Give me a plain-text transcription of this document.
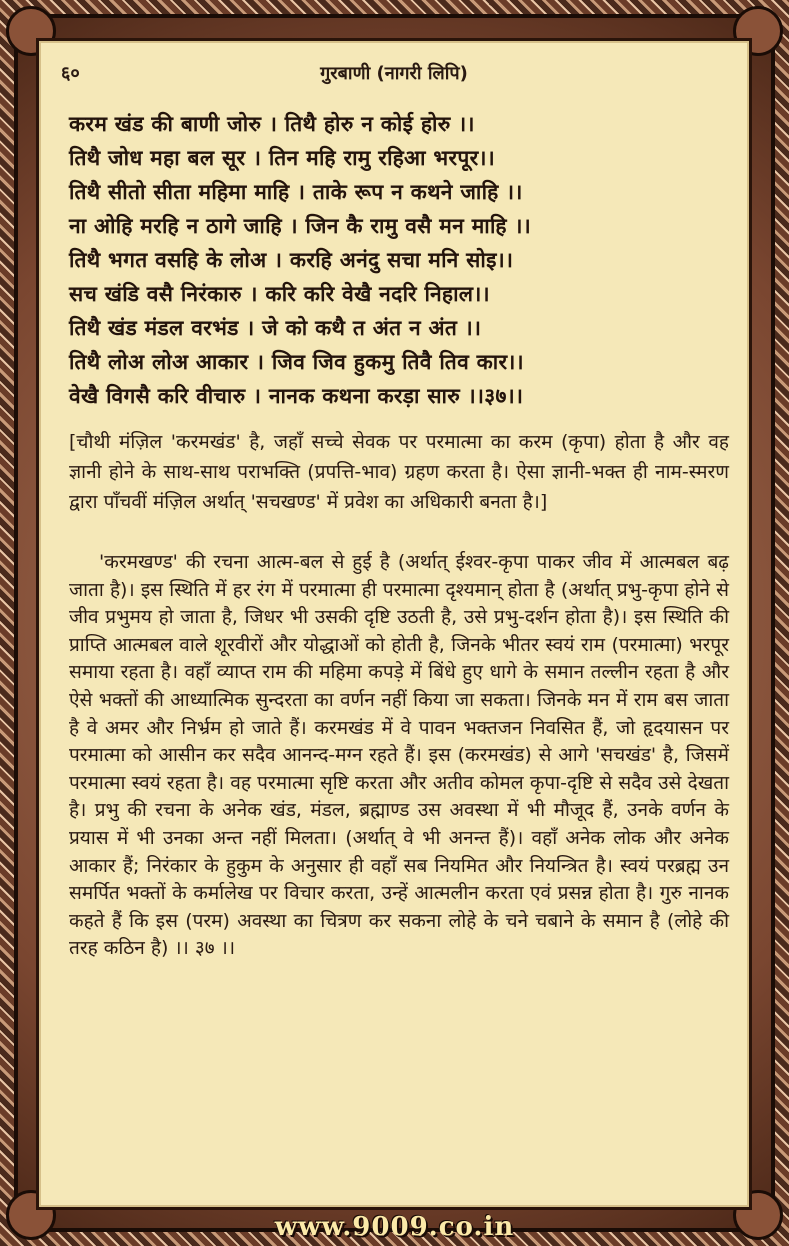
६०	गुरबाणी (नागरी लिपि)
करम खंड की बाणी जोरु । तिथै होरु न कोई होरु ।।
तिथै जोध महा बल सूर । तिन महि रामु रहिआ भरपूर।।
तिथै सीतो सीता महिमा माहि । ताके रूप न कथने जाहि ।।
ना ओहि मरहि न ठागे जाहि । जिन कै रामु वसै मन माहि ।।
तिथै भगत वसहि के लोअ । करहि अनंदु सचा मनि सोइ।।
सच खंडि वसै निरंकारु । करि करि वेखै नदरि निहाल।।
तिथै खंड मंडल वरभंड । जे को कथै त अंत न अंत ।।
तिथै लोअ लोअ आकार । जिव जिव हुकमु तिवै तिव कार।।
वेखै विगसै करि वीचारु । नानक कथना करड़ा सारु ।।३७।।
[चौथी मंज़िल 'करमखंड' है, जहाँ सच्चे सेवक पर परमात्मा का करम (कृपा) होता है और वह ज्ञानी होने के साथ-साथ पराभक्ति (प्रपत्ति-भाव) ग्रहण करता है। ऐसा ज्ञानी-भक्त ही नाम-स्मरण द्वारा पाँचवीं मंज़िल अर्थात् 'सचखण्ड' में प्रवेश का अधिकारी बनता है।]
'करमखण्ड' की रचना आत्म-बल से हुई है (अर्थात् ईश्वर-कृपा पाकर जीव में आत्मबल बढ़ जाता है)। इस स्थिति में हर रंग में परमात्मा ही परमात्मा दृश्यमान् होता है (अर्थात् प्रभु-कृपा होने से जीव प्रभुमय हो जाता है, जिधर भी उसकी दृष्टि उठती है, उसे प्रभु-दर्शन होता है)। इस स्थिति की प्राप्ति आत्मबल वाले शूरवीरों और योद्धाओं को होती है, जिनके भीतर स्वयं राम (परमात्मा) भरपूर समाया रहता है। वहाँ व्याप्त राम की महिमा कपड़े में बिंधे हुए धागे के समान तल्लीन रहता है और ऐसे भक्तों की आध्यात्मिक सुन्दरता का वर्णन नहीं किया जा सकता। जिनके मन में राम बस जाता है वे अमर और निर्भ्रम हो जाते हैं। करमखंड में वे पावन भक्तजन निवसित हैं, जो हृदयासन पर परमात्मा को आसीन कर सदैव आनन्द-मग्न रहते हैं। इस (करमखंड) से आगे 'सचखंड' है, जिसमें परमात्मा स्वयं रहता है। वह परमात्मा सृष्टि करता और अतीव कोमल कृपा-दृष्टि से सदैव उसे देखता है। प्रभु की रचना के अनेक खंड, मंडल, ब्रह्माण्ड उस अवस्था में भी मौजूद हैं, उनके वर्णन के प्रयास में भी उनका अन्त नहीं मिलता। (अर्थात् वे भी अनन्त हैं)। वहाँ अनेक लोक और अनेक आकार हैं; निरंकार के हुकुम के अनुसार ही वहाँ सब नियमित और नियन्त्रित है। स्वयं परब्रह्म उन समर्पित भक्तों के कर्मालेख पर विचार करता, उन्हें आत्मलीन करता एवं प्रसन्न होता है। गुरु नानक कहते हैं कि इस (परम) अवस्था का चित्रण कर सकना लोहे के चने चबाने के समान है (लोहे की तरह कठिन है) ।। ३७ ।।
www.9009.co.in
